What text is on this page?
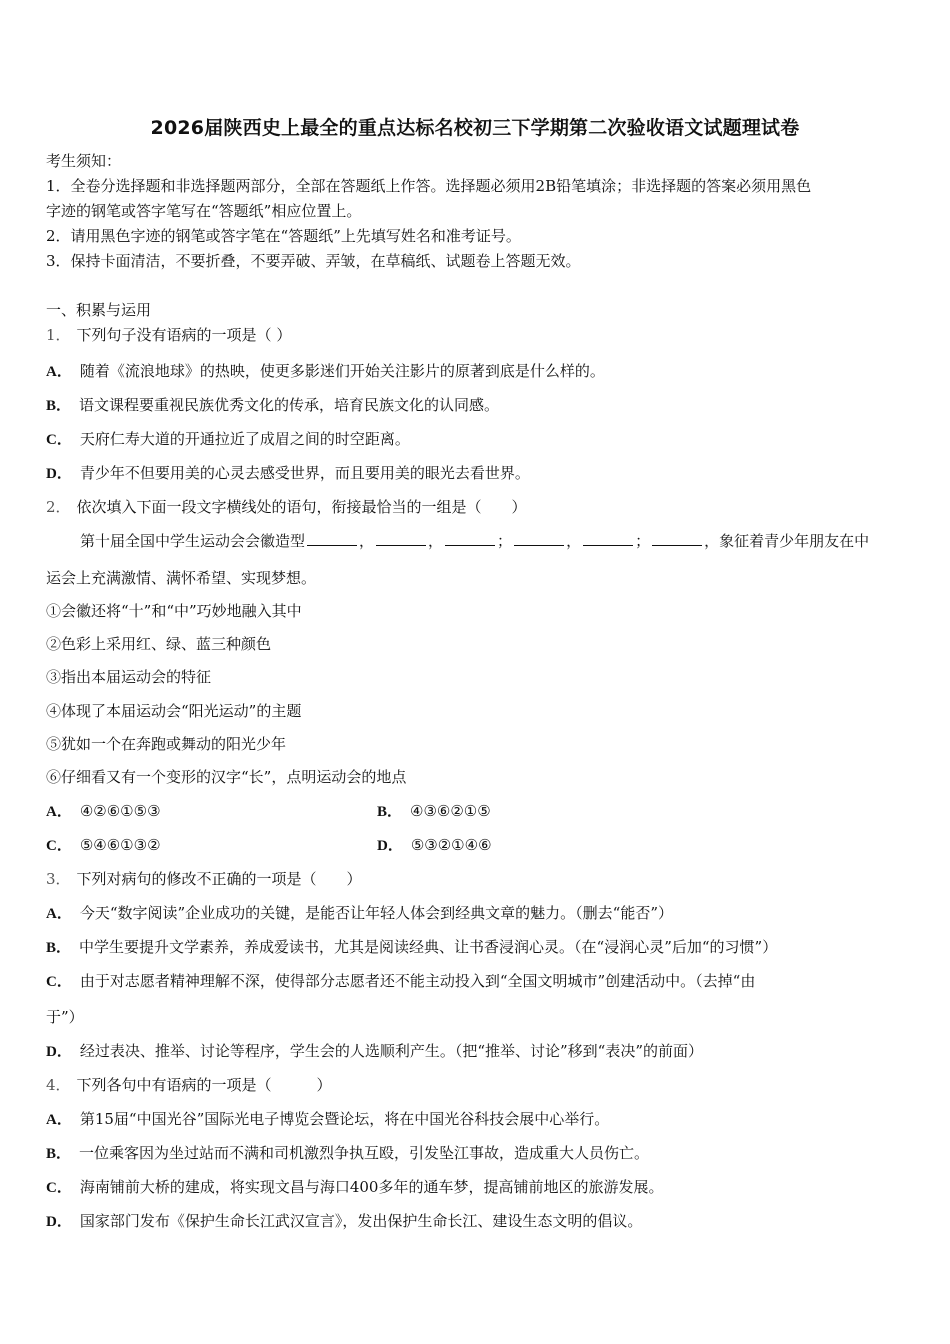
2026届陕西史上最全的重点达标名校初三下学期第二次验收语文试题理试卷
考生须知：
1．全卷分选择题和非选择题两部分，全部在答题纸上作答。选择题必须用2B铅笔填涂；非选择题的答案必须用黑色
字迹的钢笔或答字笔写在“答题纸”相应位置上。
2．请用黑色字迹的钢笔或答字笔在“答题纸”上先填写姓名和准考证号。
3．保持卡面清洁，不要折叠，不要弄破、弄皱，在草稿纸、试题卷上答题无效。
一、积累与运用
1． 下列句子没有语病的一项是（ ）
A． 随着《流浪地球》的热映，使更多影迷们开始关注影片的原著到底是什么样的。
B． 语文课程要重视民族优秀文化的传承，培育民族文化的认同感。
C． 天府仁寿大道的开通拉近了成眉之间的时空距离。
D． 青少年不但要用美的心灵去感受世界，而且要用美的眼光去看世界。
2． 依次填入下面一段文字横线处的语句，衔接最恰当的一组是（　　）
第十届全国中学生运动会会徽造型	，	，	；	，	；	，象征着青少年朋友在中
运会上充满激情、满怀希望、实现梦想。
①会徽还将“十”和“中”巧妙地融入其中
②色彩上采用红、绿、蓝三种颜色
③指出本届运动会的特征
④体现了本届运动会“阳光运动”的主题
⑤犹如一个在奔跑或舞动的阳光少年
⑥仔细看又有一个变形的汉字“长”，点明运动会的地点
A． ④②⑥①⑤③	B． ④③⑥②①⑤
C． ⑤④⑥①③②	D． ⑤③②①④⑥
3． 下列对病句的修改不正确的一项是（　　）
A． 今天“数字阅读”企业成功的关键，是能否让年轻人体会到经典文章的魅力。（删去“能否”）
B． 中学生要提升文学素养，养成爱读书，尤其是阅读经典、让书香浸润心灵。（在“浸润心灵”后加“的习惯”）
C． 由于对志愿者精神理解不深，使得部分志愿者还不能主动投入到“全国文明城市”创建活动中。（去掉“由
于”）
D． 经过表决、推举、讨论等程序，学生会的人选顺利产生。（把“推举、讨论”移到“表决”的前面）
4． 下列各句中有语病的一项是（　　　）
A． 第15届“中国光谷”国际光电子博览会暨论坛，将在中国光谷科技会展中心举行。
B． 一位乘客因为坐过站而不满和司机激烈争执互殴，引发坠江事故，造成重大人员伤亡。
C． 海南铺前大桥的建成，将实现文昌与海口400多年的通车梦，提高铺前地区的旅游发展。
D． 国家部门发布《保护生命长江武汉宣言》，发出保护生命长江、建设生态文明的倡议。
